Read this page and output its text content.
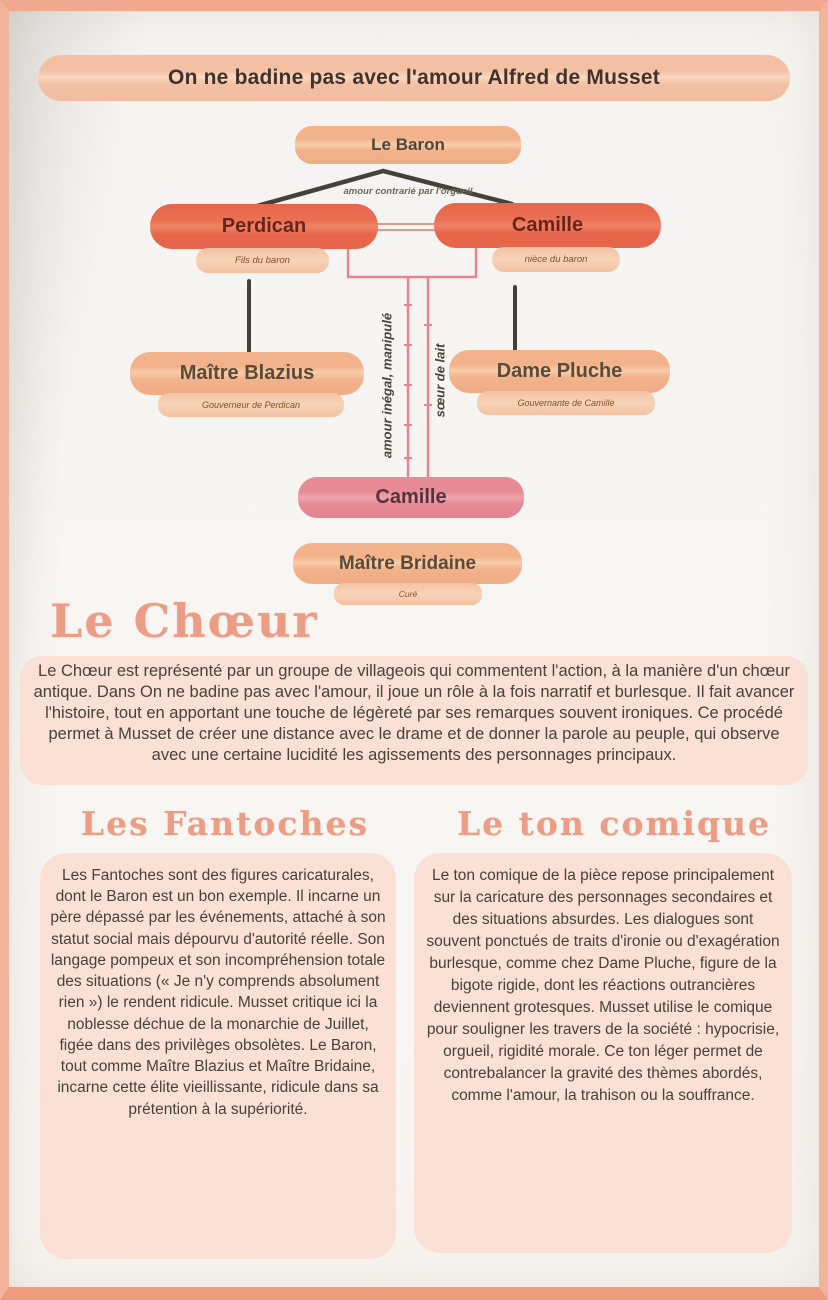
On ne badine pas avec l'amour Alfred de Musset
Le Baron
amour contrarié par l'orgueil
Perdican
Fils du baron
Camille
nièce du baron
amour inégal, manipulé	sœur de lait
Maître Blazius
Gouverneur de Perdican
Dame Pluche
Gouvernante de Camille
Camille
Maître Bridaine
Curé
Le Chœur

Le Chœur est représenté par un groupe de villageois qui commentent l'action, à la manière d'un chœur antique. Dans On ne badine pas avec l'amour, il joue un rôle à la fois narratif et burlesque. Il fait avancer l'histoire, tout en apportant une touche de légèreté par ses remarques souvent ironiques. Ce procédé permet à Musset de créer une distance avec le drame et de donner la parole au peuple, qui observe avec une certaine lucidité les agissements des personnages principaux.

Les Fantoches	Le ton comique

Les Fantoches sont des figures caricaturales, dont le Baron est un bon exemple. Il incarne un père dépassé par les événements, attaché à son statut social mais dépourvu d'autorité réelle. Son langage pompeux et son incompréhension totale des situations (« Je n'y comprends absolument rien ») le rendent ridicule. Musset critique ici la noblesse déchue de la monarchie de Juillet, figée dans des privilèges obsolètes. Le Baron, tout comme Maître Blazius et Maître Bridaine, incarne cette élite vieillissante, ridicule dans sa prétention à la supériorité.

Le ton comique de la pièce repose principalement sur la caricature des personnages secondaires et des situations absurdes. Les dialogues sont souvent ponctués de traits d'ironie ou d'exagération burlesque, comme chez Dame Pluche, figure de la bigote rigide, dont les réactions outrancières deviennent grotesques. Musset utilise le comique pour souligner les travers de la société : hypocrisie, orgueil, rigidité morale. Ce ton léger permet de contrebalancer la gravité des thèmes abordés, comme l'amour, la trahison ou la souffrance.
